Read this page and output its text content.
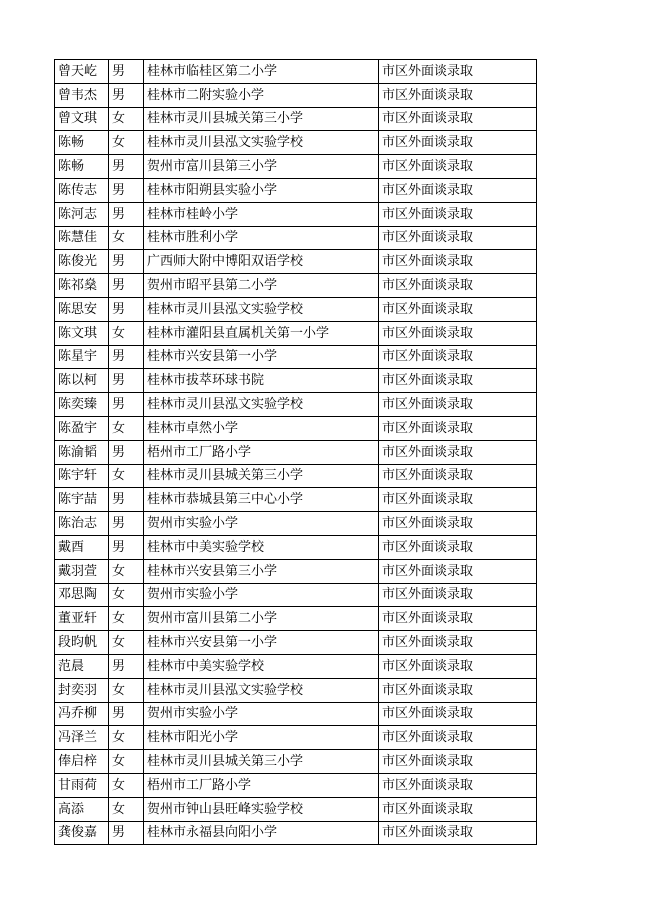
曾天屹	男	桂林市临桂区第二小学	市区外面谈录取
曾韦杰	男	桂林市二附实验小学	市区外面谈录取
曾文琪	女	桂林市灵川县城关第三小学	市区外面谈录取
陈畅	女	桂林市灵川县泓文实验学校	市区外面谈录取
陈畅	男	贺州市富川县第三小学	市区外面谈录取
陈传志	男	桂林市阳朔县实验小学	市区外面谈录取
陈河志	男	桂林市桂岭小学	市区外面谈录取
陈慧佳	女	桂林市胜利小学	市区外面谈录取
陈俊光	男	广西师大附中博阳双语学校	市区外面谈录取
陈祁燊	男	贺州市昭平县第二小学	市区外面谈录取
陈思安	男	桂林市灵川县泓文实验学校	市区外面谈录取
陈文琪	女	桂林市灌阳县直属机关第一小学	市区外面谈录取
陈星宇	男	桂林市兴安县第一小学	市区外面谈录取
陈以柯	男	桂林市拔萃环球书院	市区外面谈录取
陈奕臻	男	桂林市灵川县泓文实验学校	市区外面谈录取
陈盈宇	女	桂林市卓然小学	市区外面谈录取
陈渝韬	男	梧州市工厂路小学	市区外面谈录取
陈宇轩	女	桂林市灵川县城关第三小学	市区外面谈录取
陈宇喆	男	桂林市恭城县第三中心小学	市区外面谈录取
陈治志	男	贺州市实验小学	市区外面谈录取
戴酉	男	桂林市中美实验学校	市区外面谈录取
戴羽萱	女	桂林市兴安县第三小学	市区外面谈录取
邓思陶	女	贺州市实验小学	市区外面谈录取
董亚轩	女	贺州市富川县第二小学	市区外面谈录取
段昀帆	女	桂林市兴安县第一小学	市区外面谈录取
范晨	男	桂林市中美实验学校	市区外面谈录取
封奕羽	女	桂林市灵川县泓文实验学校	市区外面谈录取
冯乔柳	男	贺州市实验小学	市区外面谈录取
冯泽兰	女	桂林市阳光小学	市区外面谈录取
俸启梓	女	桂林市灵川县城关第三小学	市区外面谈录取
甘雨荷	女	梧州市工厂路小学	市区外面谈录取
高添	女	贺州市钟山县旺峰实验学校	市区外面谈录取
龚俊嘉	男	桂林市永福县向阳小学	市区外面谈录取
